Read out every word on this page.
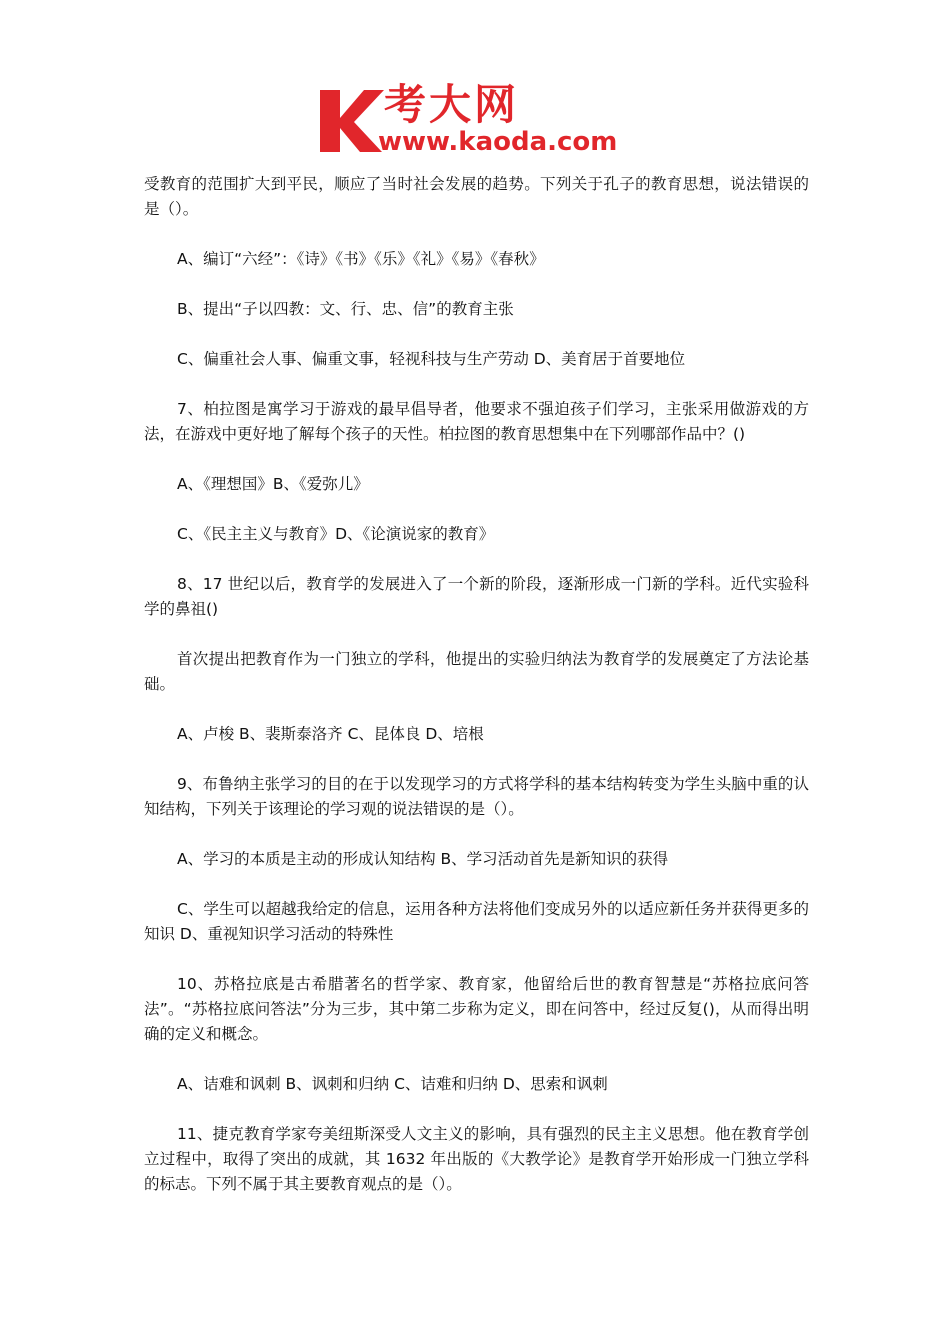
考大网
www.kaoda.com

受教育的范围扩大到平民，顺应了当时社会发展的趋势。下列关于孔子的教育思想，说法错误的是（）。

A、编订“六经”：《诗》《书》《乐》《礼》《易》《春秋》

B、提出“子以四教：文、行、忠、信”的教育主张

C、偏重社会人事、偏重文事，轻视科技与生产劳动 D、美育居于首要地位

7、柏拉图是寓学习于游戏的最早倡导者，他要求不强迫孩子们学习，主张采用做游戏的方法，在游戏中更好地了解每个孩子的天性。柏拉图的教育思想集中在下列哪部作品中？()

A、《理想国》B、《爱弥儿》

C、《民主主义与教育》D、《论演说家的教育》

8、17 世纪以后，教育学的发展进入了一个新的阶段，逐渐形成一门新的学科。近代实验科学的鼻祖()

首次提出把教育作为一门独立的学科，他提出的实验归纳法为教育学的发展奠定了方法论基础。

A、卢梭 B、裴斯泰洛齐 C、昆体良 D、培根

9、布鲁纳主张学习的目的在于以发现学习的方式将学科的基本结构转变为学生头脑中重的认知结构，下列关于该理论的学习观的说法错误的是（）。

A、学习的本质是主动的形成认知结构 B、学习活动首先是新知识的获得

C、学生可以超越我给定的信息，运用各种方法将他们变成另外的以适应新任务并获得更多的知识 D、重视知识学习活动的特殊性

10、苏格拉底是古希腊著名的哲学家、教育家，他留给后世的教育智慧是“苏格拉底问答法”。“苏格拉底问答法”分为三步，其中第二步称为定义，即在问答中，经过反复()，从而得出明确的定义和概念。

A、诘难和讽刺 B、讽刺和归纳 C、诘难和归纳 D、思索和讽刺

11、捷克教育学家夸美纽斯深受人文主义的影响，具有强烈的民主主义思想。他在教育学创立过程中，取得了突出的成就，其 1632 年出版的《大教学论》是教育学开始形成一门独立学科的标志。下列不属于其主要教育观点的是（）。
